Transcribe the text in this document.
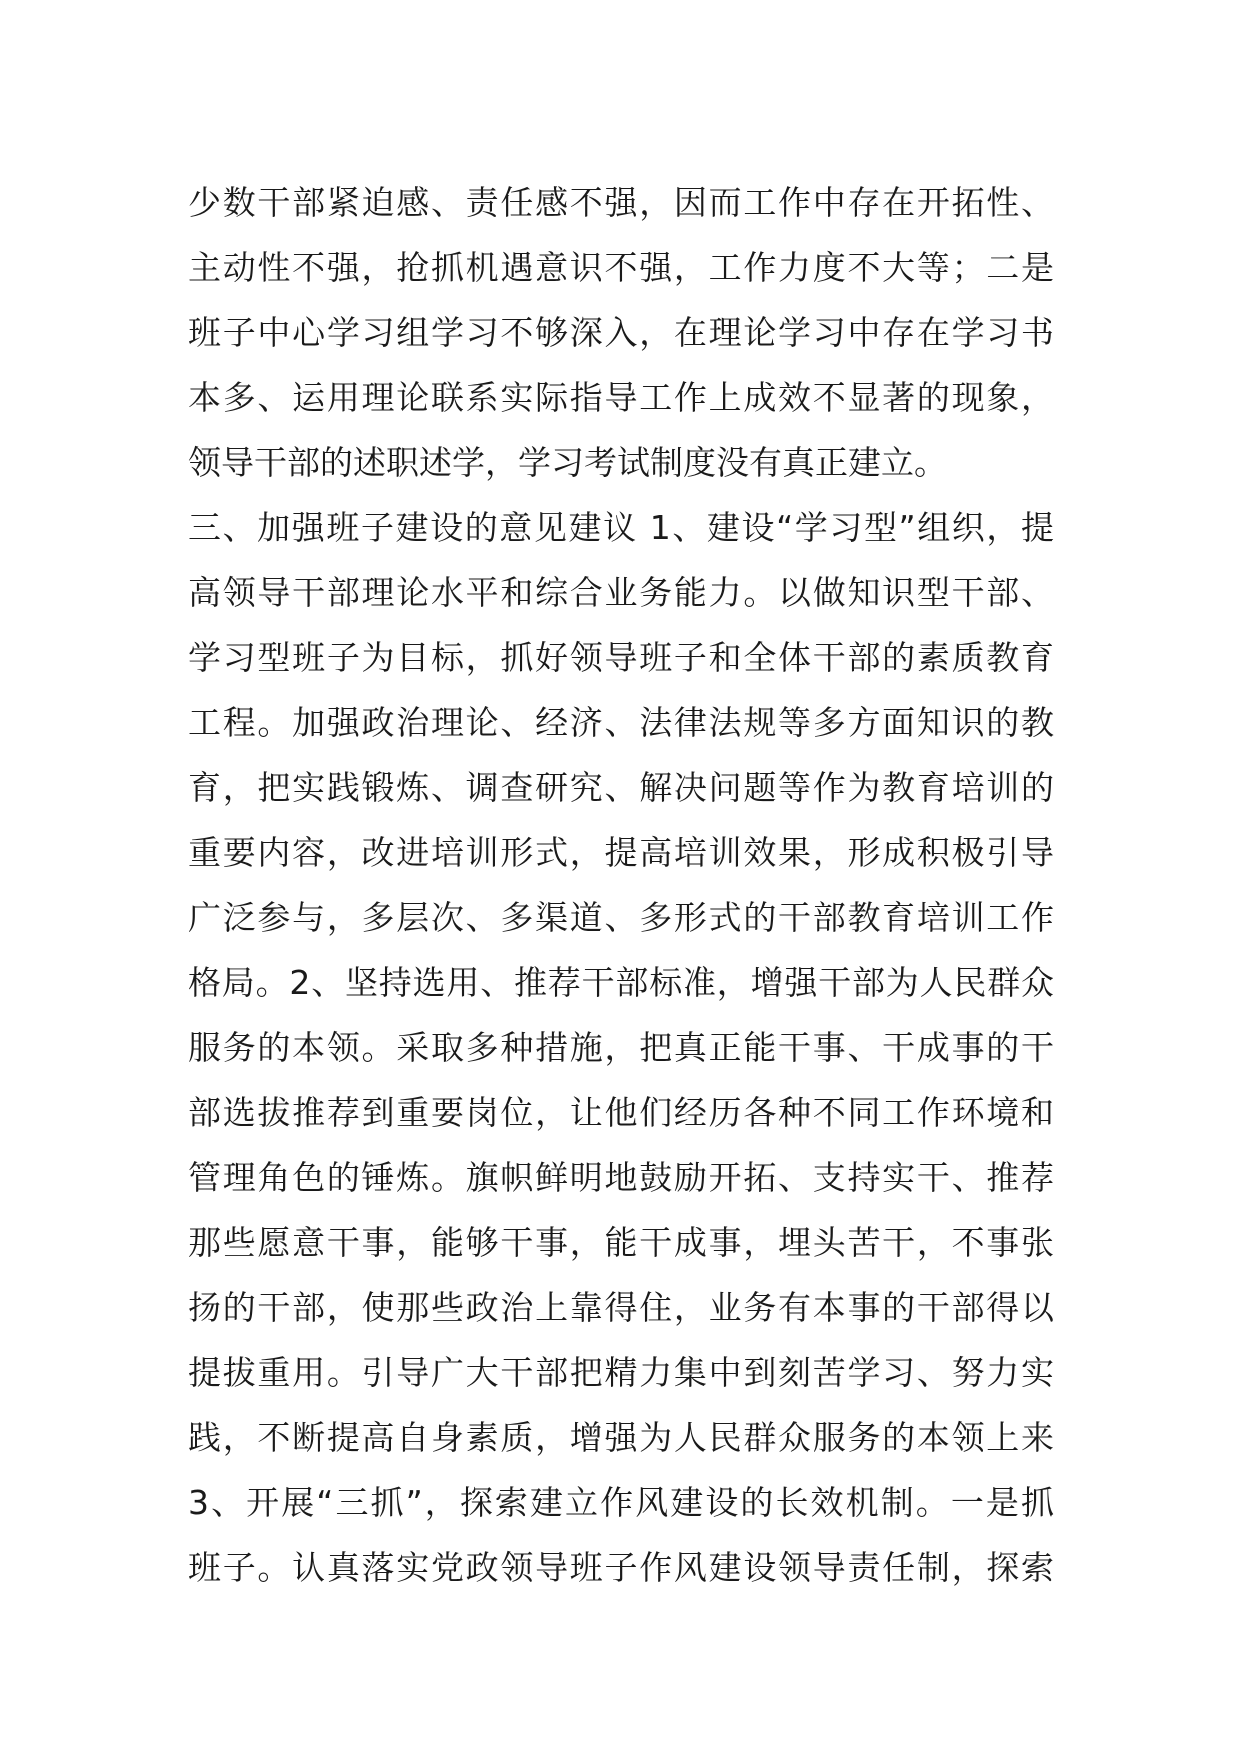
少数干部紧迫感、责任感不强，因而工作中存在开拓性、
主动性不强，抢抓机遇意识不强，工作力度不大等；二是
班子中心学习组学习不够深入，在理论学习中存在学习书
本多、运用理论联系实际指导工作上成效不显著的现象，
领导干部的述职述学，学习考试制度没有真正建立。
三、加强班子建设的意见建议 1、建设“学习型”组织，提
高领导干部理论水平和综合业务能力。以做知识型干部、
学习型班子为目标，抓好领导班子和全体干部的素质教育
工程。加强政治理论、经济、法律法规等多方面知识的教
育，把实践锻炼、调查研究、解决问题等作为教育培训的
重要内容，改进培训形式，提高培训效果，形成积极引导
广泛参与，多层次、多渠道、多形式的干部教育培训工作
格局。2、坚持选用、推荐干部标准，增强干部为人民群众
服务的本领。采取多种措施，把真正能干事、干成事的干
部选拔推荐到重要岗位，让他们经历各种不同工作环境和
管理角色的锤炼。旗帜鲜明地鼓励开拓、支持实干、推荐
那些愿意干事，能够干事，能干成事，埋头苦干，不事张
扬的干部，使那些政治上靠得住，业务有本事的干部得以
提拔重用。引导广大干部把精力集中到刻苦学习、努力实
践，不断提高自身素质，增强为人民群众服务的本领上来
3、开展“三抓”，探索建立作风建设的长效机制。一是抓
班子。认真落实党政领导班子作风建设领导责任制，探索
